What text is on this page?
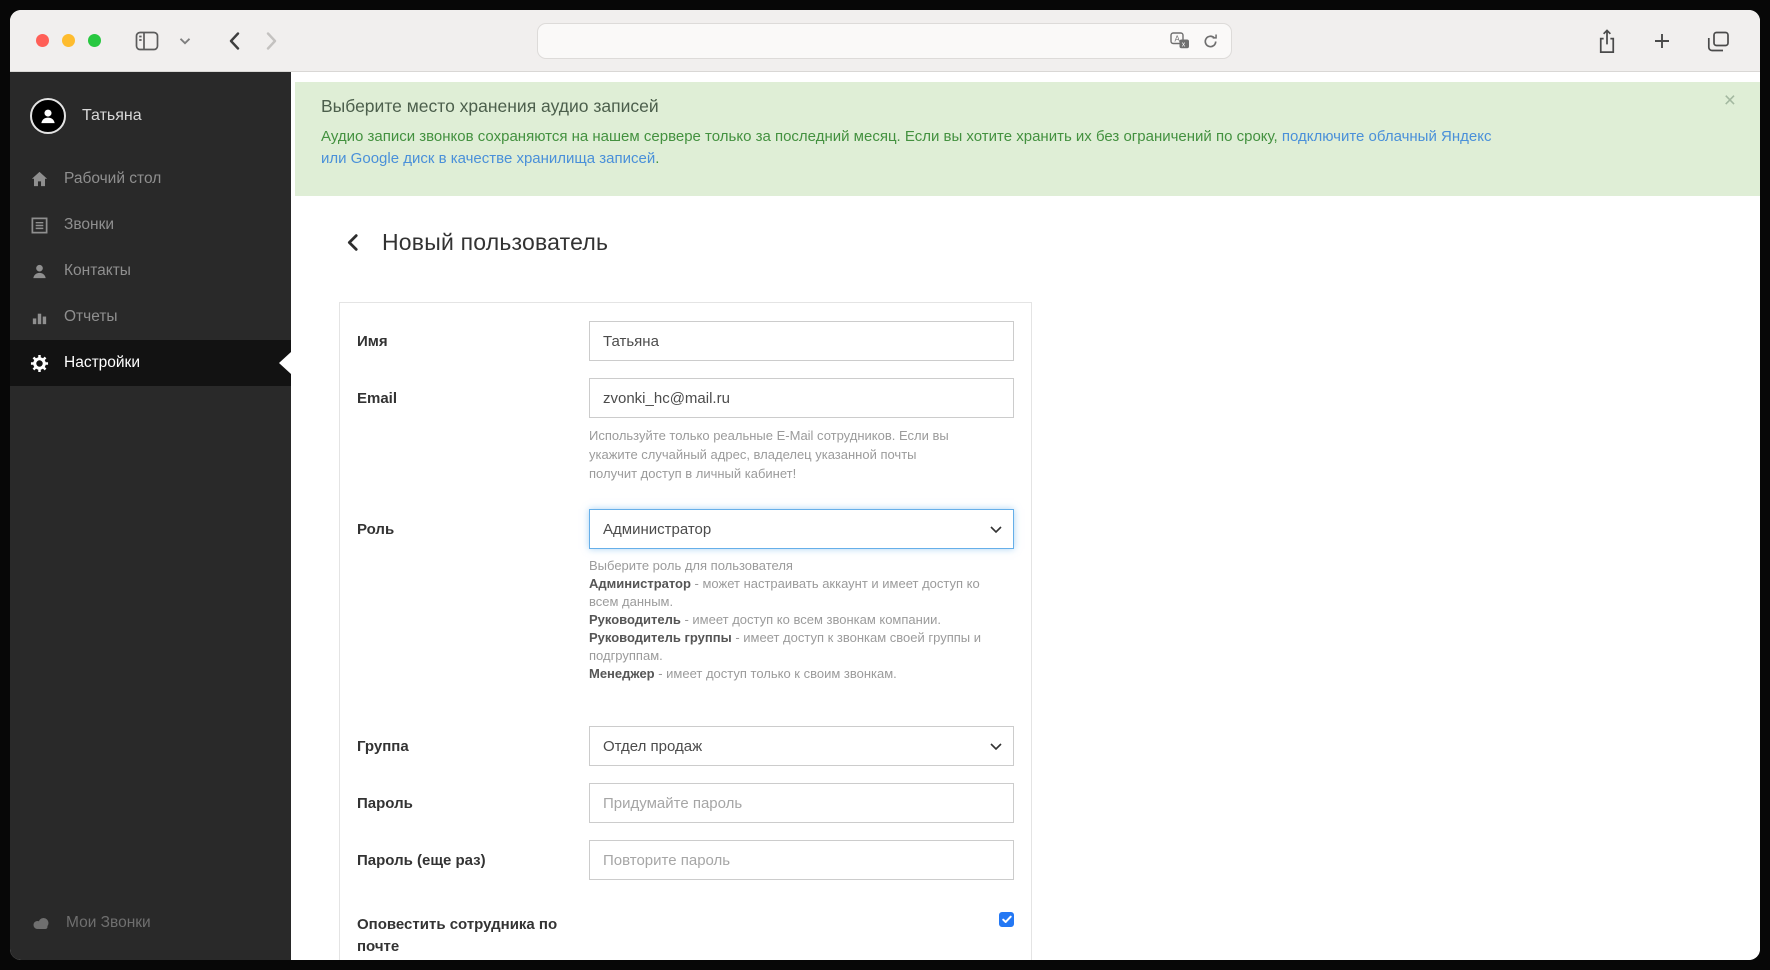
A
x
Татьяна
Рабочий стол
Звонки
Контакты
Отчеты
Настройки
Мои Звонки
Выберите место хранения аудио записей

Аудио записи звонков сохраняются на нашем сервере только за последний месяц. Если вы хотите хранить их без ограничений по сроку, подключите облачный Яндекс или Google диск в качестве хранилища записей.

×
Новый пользователь
Имя
Татьяна
Email
zvonki_hc@mail.ru
Используйте только реальные E-Mail сотрудников. Если вы укажите случайный адрес, владелец указанной почты получит доступ в личный кабинет!
Роль
Администратор
Выберите роль для пользователя
Администратор - может настраивать аккаунт и имеет доступ ко всем данным.
Руководитель - имеет доступ ко всем звонкам компании.
Руководитель группы - имеет доступ к звонкам своей группы и подгруппам.
Менеджер - имеет доступ только к своим звонкам.
Группа
Отдел продаж
Пароль
Придумайте пароль
Пароль (еще раз)
Повторите пароль
Оповестить сотрудника по почте
